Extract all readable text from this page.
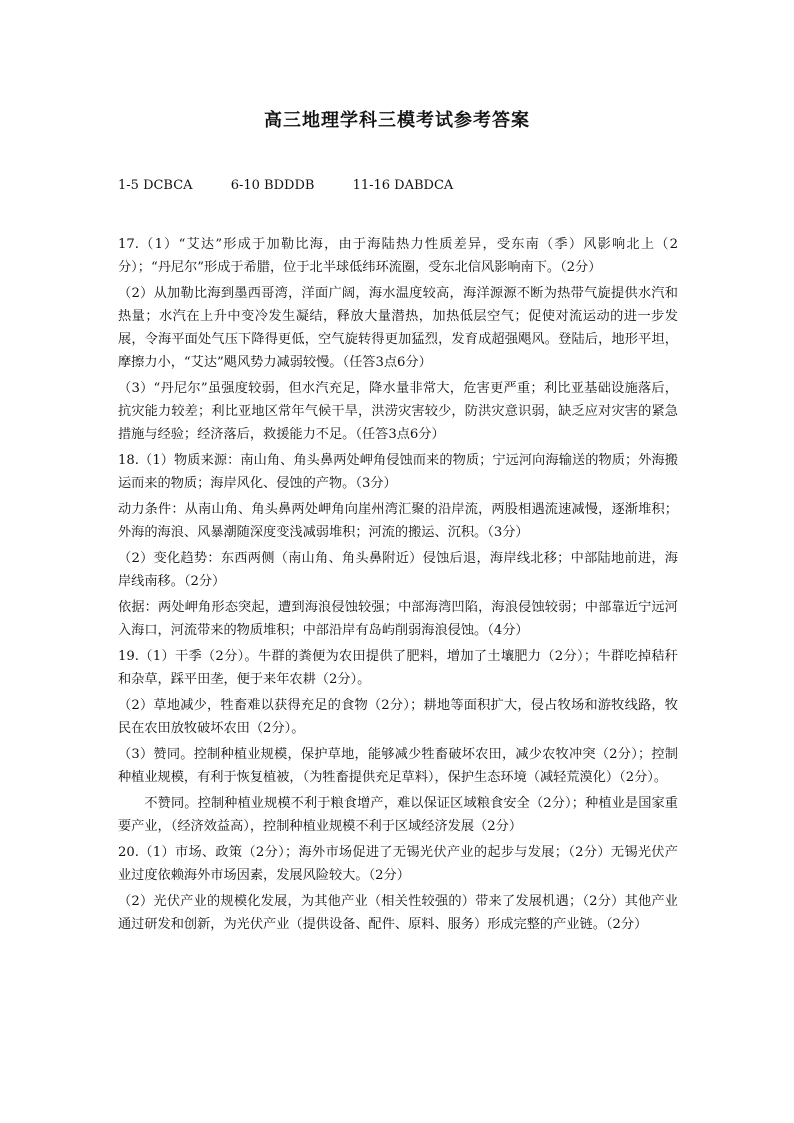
高三地理学科三模考试参考答案
1-5 DCBCA	6-10 BDDDB	11-16 DABDCA

17.（1）“艾达”形成于加勒比海，由于海陆热力性质差异，受东南（季）风影响北上（2分）；“丹尼尔”形成于希腊，位于北半球低纬环流圈，受东北信风影响南下。（2分）

（2）从加勒比海到墨西哥湾，洋面广阔，海水温度较高，海洋源源不断为热带气旋提供水汽和热量；水汽在上升中变冷发生凝结，释放大量潜热，加热低层空气；促使对流运动的进一步发展，令海平面处气压下降得更低，空气旋转得更加猛烈，发育成超强飓风。登陆后，地形平坦，摩擦力小，“艾达”飓风势力减弱较慢。（任答3点6分）

（3）“丹尼尔”虽强度较弱，但水汽充足，降水量非常大，危害更严重；利比亚基础设施落后，抗灾能力较差；利比亚地区常年气候干旱，洪涝灾害较少，防洪灾意识弱，缺乏应对灾害的紧急措施与经验；经济落后，救援能力不足。（任答3点6分）

18.（1）物质来源：南山角、角头鼻两处岬角侵蚀而来的物质；宁远河向海输送的物质；外海搬运而来的物质；海岸风化、侵蚀的产物。（3分）

动力条件：从南山角、角头鼻两处岬角向崖州湾汇聚的沿岸流，两股相遇流速减慢，逐渐堆积；外海的海浪、风暴潮随深度变浅减弱堆积；河流的搬运、沉积。（3分）

（2）变化趋势：东西两侧（南山角、角头鼻附近）侵蚀后退，海岸线北移；中部陆地前进，海岸线南移。（2分）

依据：两处岬角形态突起，遭到海浪侵蚀较强；中部海湾凹陷，海浪侵蚀较弱；中部靠近宁远河入海口，河流带来的物质堆积；中部沿岸有岛屿削弱海浪侵蚀。（4分）

19.（1）干季（2分）。牛群的粪便为农田提供了肥料，增加了土壤肥力（2分）；牛群吃掉秸秆和杂草，踩平田垄，便于来年农耕（2分）。

（2）草地减少，牲畜难以获得充足的食物（2分）；耕地等面积扩大，侵占牧场和游牧线路，牧民在农田放牧破坏农田（2分）。

（3）赞同。控制种植业规模，保护草地，能够减少牲畜破坏农田，减少农牧冲突（2分）；控制种植业规模，有利于恢复植被，（为牲畜提供充足草料），保护生态环境（减轻荒漠化）（2分）。

不赞同。控制种植业规模不利于粮食增产，难以保证区域粮食安全（2分）；种植业是国家重要产业，（经济效益高），控制种植业规模不利于区域经济发展（2分）

20.（1）市场、政策（2分）；海外市场促进了无锡光伏产业的起步与发展；（2分）无锡光伏产业过度依赖海外市场因素，发展风险较大。（2分）

（2）光伏产业的规模化发展，为其他产业（相关性较强的）带来了发展机遇；（2分）其他产业通过研发和创新，为光伏产业（提供设备、配件、原料、服务）形成完整的产业链。（2分）
